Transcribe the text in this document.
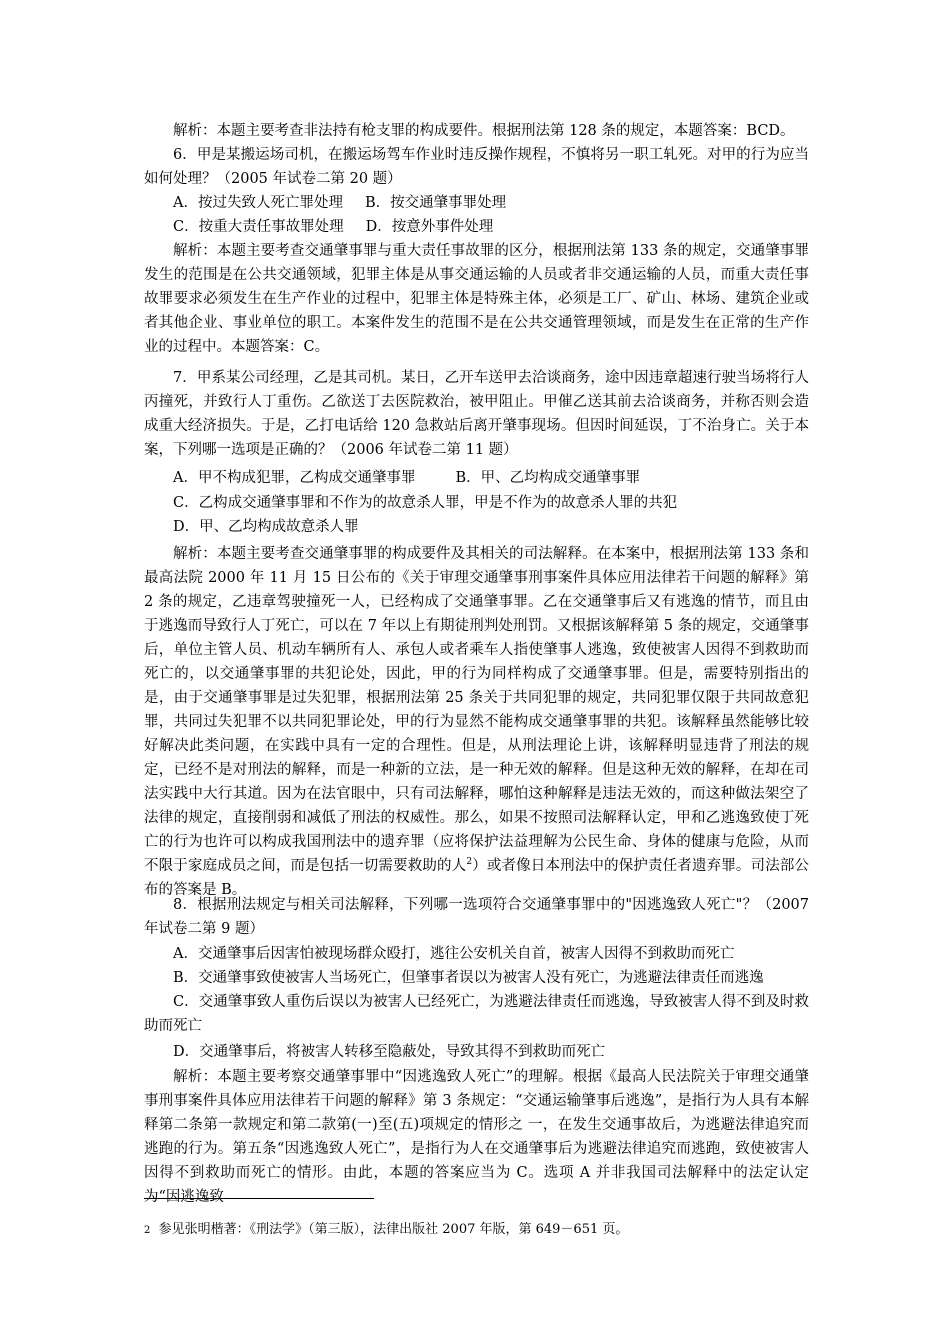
解析：本题主要考查非法持有枪支罪的构成要件。根据刑法第 128 条的规定，本题答案：BCD。

6．甲是某搬运场司机，在搬运场驾车作业时违反操作规程，不慎将另一职工轧死。对甲的行为应当如何处理？（2005 年试卷二第 20 题）

A．按过失致人死亡罪处理 B．按交通肇事罪处理

C．按重大责任事故罪处理 D．按意外事件处理

解析：本题主要考查交通肇事罪与重大责任事故罪的区分，根据刑法第 133 条的规定，交通肇事罪发生的范围是在公共交通领域，犯罪主体是从事交通运输的人员或者非交通运输的人员，而重大责任事故罪要求必须发生在生产作业的过程中，犯罪主体是特殊主体，必须是工厂、矿山、林场、建筑企业或者其他企业、事业单位的职工。本案件发生的范围不是在公共交通管理领域，而是发生在正常的生产作业的过程中。本题答案：C。

7．甲系某公司经理，乙是其司机。某日，乙开车送甲去洽谈商务，途中因违章超速行驶当场将行人丙撞死，并致行人丁重伤。乙欲送丁去医院救治，被甲阻止。甲催乙送其前去洽谈商务，并称否则会造成重大经济损失。于是，乙打电话给 120 急救站后离开肇事现场。但因时间延误，丁不治身亡。关于本案，下列哪一选项是正确的？（2006 年试卷二第 11 题）

A．甲不构成犯罪，乙构成交通肇事罪	B．甲、乙均构成交通肇事罪

C．乙构成交通肇事罪和不作为的故意杀人罪，甲是不作为的故意杀人罪的共犯

D．甲、乙均构成故意杀人罪

解析：本题主要考查交通肇事罪的构成要件及其相关的司法解释。在本案中，根据刑法第 133 条和最高法院 2000 年 11 月 15 日公布的《关于审理交通肇事刑事案件具体应用法律若干问题的解释》第 2 条的规定，乙违章驾驶撞死一人，已经构成了交通肇事罪。乙在交通肇事后又有逃逸的情节，而且由于逃逸而导致行人丁死亡，可以在 7 年以上有期徒刑判处刑罚。又根据该解释第 5 条的规定，交通肇事后，单位主管人员、机动车辆所有人、承包人或者乘车人指使肇事人逃逸，致使被害人因得不到救助而死亡的，以交通肇事罪的共犯论处，因此，甲的行为同样构成了交通肇事罪。但是，需要特别指出的是，由于交通肇事罪是过失犯罪，根据刑法第 25 条关于共同犯罪的规定，共同犯罪仅限于共同故意犯罪，共同过失犯罪不以共同犯罪论处，甲的行为显然不能构成交通肇事罪的共犯。该解释虽然能够比较好解决此类问题，在实践中具有一定的合理性。但是，从刑法理论上讲，该解释明显违背了刑法的规定，已经不是对刑法的解释，而是一种新的立法，是一种无效的解释。但是这种无效的解释，在却在司法实践中大行其道。因为在法官眼中，只有司法解释，哪怕这种解释是违法无效的，而这种做法架空了法律的规定，直接削弱和减低了刑法的权威性。那么，如果不按照司法解释认定，甲和乙逃逸致使丁死亡的行为也许可以构成我国刑法中的遗弃罪（应将保护法益理解为公民生命、身体的健康与危险，从而不限于家庭成员之间，而是包括一切需要救助的人$^2$）或者像日本刑法中的保护责任者遗弃罪。司法部公布的答案是 B。

8．根据刑法规定与相关司法解释，下列哪一选项符合交通肇事罪中的"因逃逸致人死亡"？（2007 年试卷二第 9 题）

A．交通肇事后因害怕被现场群众殴打，逃往公安机关自首，被害人因得不到救助而死亡

B．交通肇事致使被害人当场死亡，但肇事者误以为被害人没有死亡，为逃避法律责任而逃逸

C．交通肇事致人重伤后误以为被害人已经死亡，为逃避法律责任而逃逸，导致被害人得不到及时救助而死亡

D．交通肇事后，将被害人转移至隐蔽处，导致其得不到救助而死亡

解析：本题主要考察交通肇事罪中“因逃逸致人死亡”的理解。根据《最高人民法院关于审理交通肇事刑事案件具体应用法律若干问题的解释》第 3 条规定：“交通运输肇事后逃逸”，是指行为人具有本解释第二条第一款规定和第二款第(一)至(五)项规定的情形之 一，在发生交通事故后，为逃避法律追究而逃跑的行为。第五条“因逃逸致人死亡”，是指行为人在交通肇事后为逃避法律追究而逃跑，致使被害人因得不到救助而死亡的情形。由此，本题的答案应当为 C。选项 A 并非我国司法解释中的法定认定为“因逃逸致

2 参见张明楷著：《刑法学》（第三版），法律出版社 2007 年版，第 649－651 页。
